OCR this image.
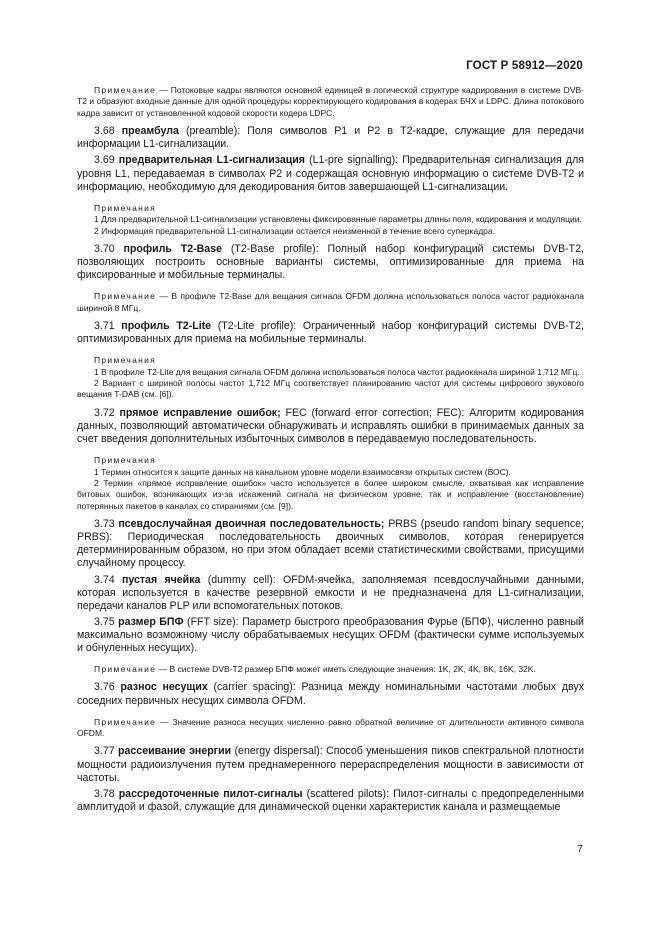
ГОСТ Р 58912—2020

Примечание — Потоковые кадры являются основной единицей в логической структуре кадрирования в системе DVB-T2 и образуют входные данные для одной процедуры корректирующего кодирования в кодерах БЧХ и LDPC. Длина потокового кадра зависит от установленной кодовой скорости кодера LDPC.

3.68 преамбула (preamble): Поля символов P1 и P2 в T2-кадре, служащие для передачи информации L1-сигнализации.

3.69 предварительная L1-сигнализация (L1-pre signalling): Предварительная сигнализация для уровня L1, передаваемая в символах P2 и содержащая основную информацию о системе DVB-T2 и информацию, необходимую для декодирования битов завершающей L1-сигнализации.

Примечания

1 Для предварительной L1-сигнализации установлены фиксированные параметры длины поля, кодирования и модуляции.

2 Информация предварительной L1-сигнализации остается неизменной в течение всего суперкадра.

3.70 профиль T2-Base (T2-Base profile): Полный набор конфигураций системы DVB-T2, позволяющих построить основные варианты системы, оптимизированные для приема на фиксированные и мобильные терминалы.

Примечание — В профиле T2-Base для вещания сигнала OFDM должна использоваться полоса частот радиоканала шириной 8 МГц.

3.71 профиль T2-Lite (T2-Lite profile): Ограниченный набор конфигураций системы DVB-T2, оптимизированных для приема на мобильные терминалы.

Примечания

1 В профиле T2-Lite для вещания сигнала OFDM должна использоваться полоса частот радиоканала шириной 1,712 МГц.

2 Вариант с шириной полосы частот 1,712 МГц соответствует планированию частот для системы цифрового звукового вещания T-DAB (см. [6]).

3.72 прямое исправление ошибок; FEC (forward error correction; FEC): Алгоритм кодирования данных, позволяющий автоматически обнаруживать и исправлять ошибки в принимаемых данных за счет введения дополнительных избыточных символов в передаваемую последовательность.

Примечания

1 Термин относится к защите данных на канальном уровне модели взаимосвязи открытых систем (ВОС).

2 Термин «прямое исправление ошибок» часто используется в более широком смысле, охватывая как исправление битовых ошибок, возникающих из-за искажений сигнала на физическом уровне, так и исправление (восстановление) потерянных пакетов в каналах со стираниями (см. [9]).

3.73 псевдослучайная двоичная последовательность; PRBS (pseudo random binary sequence; PRBS): Периодическая последовательность двоичных символов, которая генерируется детерминированным образом, но при этом обладает всеми статистическими свойствами, присущими случайному процессу.

3.74 пустая ячейка (dummy cell): OFDM-ячейка, заполняемая псевдослучайными данными, которая используется в качестве резервной емкости и не предназначена для L1-сигнализации, передачи каналов PLP или вспомогательных потоков.

3.75 размер БПФ (FFT size): Параметр быстрого преобразования Фурье (БПФ), численно равный максимально возможному числу обрабатываемых несущих OFDM (фактически сумме используемых и обнуленных несущих).

Примечание — В системе DVB-T2 размер БПФ может иметь следующие значения: 1K, 2K, 4K, 8K, 16K, 32K.

3.76 разнос несущих (carrier spacing): Разница между номинальными частотами любых двух соседних первичных несущих символа OFDM.

Примечание — Значение разноса несущих численно равно обратной величине от длительности активного символа OFDM.

3.77 рассеивание энергии (energy dispersal): Способ уменьшения пиков спектральной плотности мощности радиоизлучения путем преднамеренного перераспределения мощности в зависимости от частоты.

3.78 рассредоточенные пилот-сигналы (scattered pilots): Пилот-сигналы с предопределенными амплитудой и фазой, служащие для динамической оценки характеристик канала и размещаемые

7
